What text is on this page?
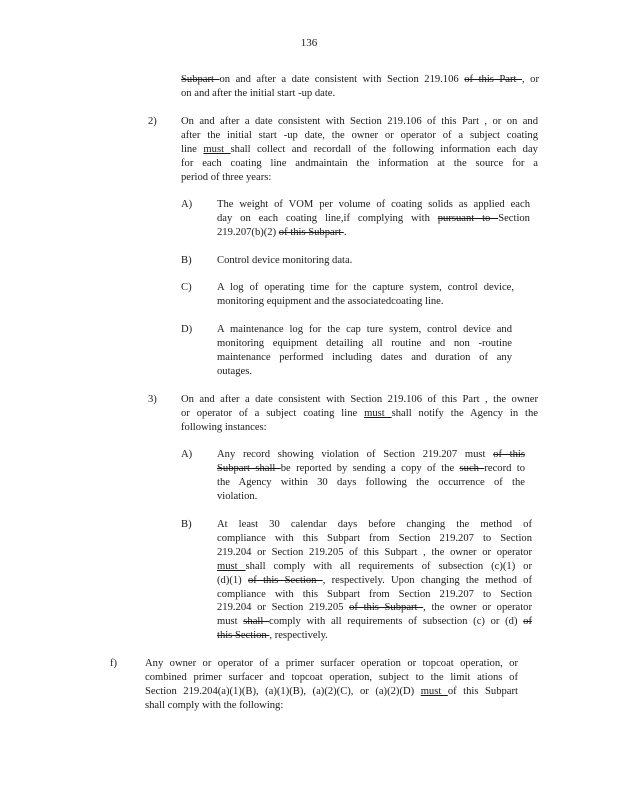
136
Subpart on and after a date consistent with Section 219.106 of this Part , or
on and after the initial start -up date.
2) On and after a date consistent with Section 219.106 of this Part , or on and
after the initial start -up date, the owner or operator of a subject coating
line must shall collect and recordall of the following information each day
for each coating line andmaintain the information at the source for a
period of three years:
A) The weight of VOM per volume of coating solids as applied each
day on each coating line,if complying with pursuant to Section
219.207(b)(2) of this Subpart .
B) Control device monitoring data.
C) A log of operating time for the capture system, control device,
monitoring equipment and the associatedcoating line.
D) A maintenance log for the cap ture system, control device and
monitoring equipment detailing all routine and non -routine
maintenance performed including dates and duration of any
outages.
3) On and after a date consistent with Section 219.106 of this Part , the owner
or operator of a subject coating line must shall notify the Agency in the
following instances:
A) Any record showing violation of Section 219.207 must of this
Subpart shall be reported by sending a copy of the such record to
the Agency within 30 days following the occurrence of the
violation.
B) At least 30 calendar days before changing the method of
compliance with this Subpart from Section 219.207 to Section
219.204 or Section 219.205 of this Subpart , the owner or operator
must shall comply with all requirements of subsection (c)(1) or
(d)(1) of this Section , respectively. Upon changing the method of
compliance with this Subpart from Section 219.207 to Section
219.204 or Section 219.205 of this Subpart , the owner or operator
must shall comply with all requirements of subsection (c) or (d) of
this Section , respectively.
f)	Any owner or operator of a primer surfacer operation or topcoat operation, or
combined primer surfacer and topcoat operation, subject to the limit ations of
Section 219.204(a)(1)(B), (a)(1)(B), (a)(2)(C), or (a)(2)(D) must of this Subpart
shall comply with the following:
